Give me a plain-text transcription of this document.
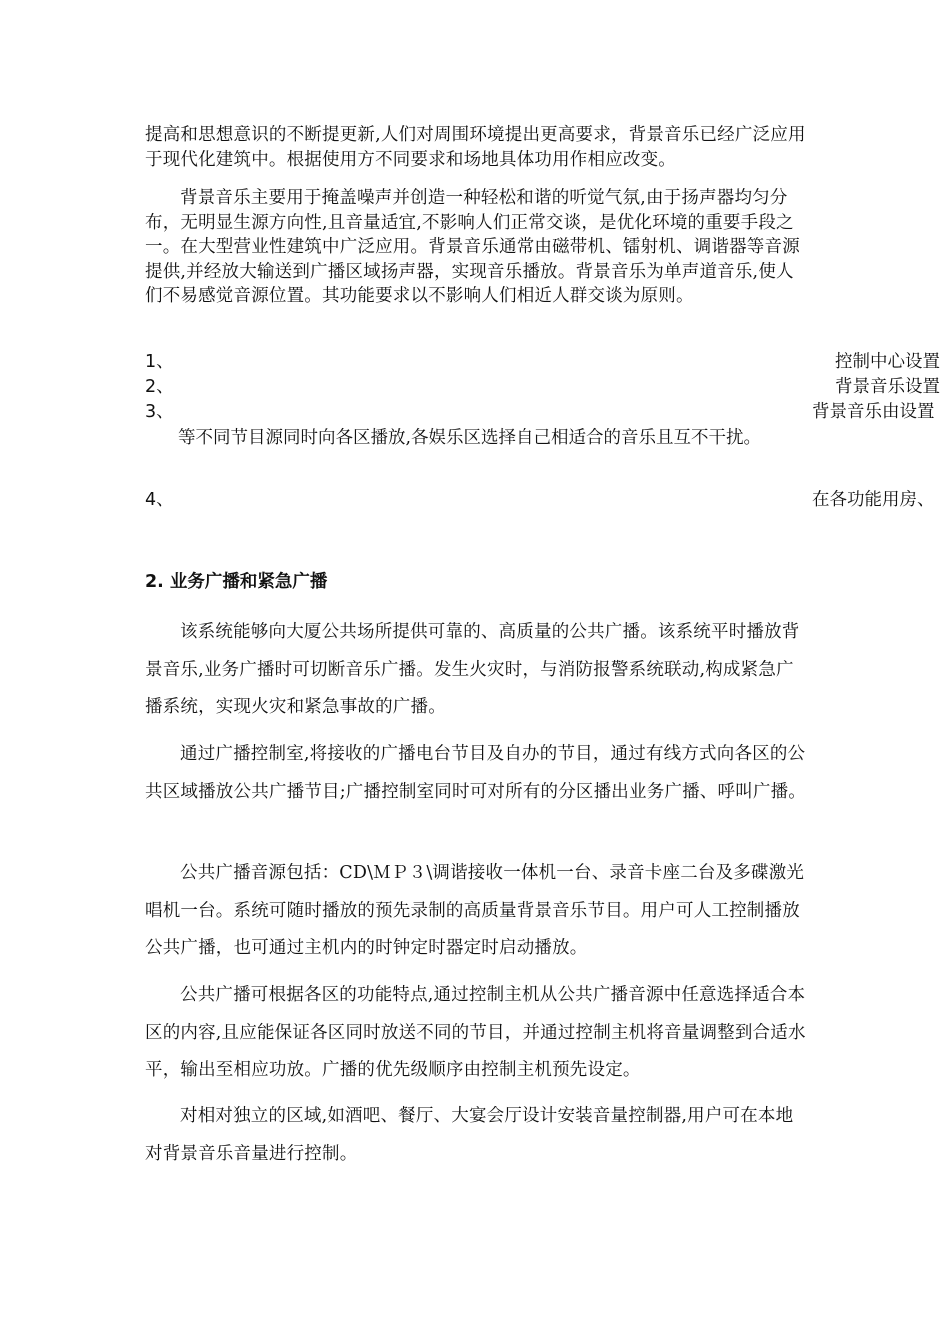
提高和思想意识的不断提更新,人们对周围环境提出更高要求，背景音乐已经广泛应用于现代化建筑中。根据使用方不同要求和场地具体功用作相应改变。

背景音乐主要用于掩盖噪声并创造一种轻松和谐的听觉气氛,由于扬声器均匀分布，无明显生源方向性,且音量适宜,不影响人们正常交谈，是优化环境的重要手段之一。在大型营业性建筑中广泛应用。背景音乐通常由磁带机、镭射机、调谐器等音源提供,并经放大输送到广播区域扬声器，实现音乐播放。背景音乐为单声道音乐,使人们不易感觉音源位置。其功能要求以不影响人们相近人群交谈为原则。

1、	控制中心设置

2、	背景音乐设置

3、	背景音乐由设置

等不同节目源同时向各区播放,各娱乐区选择自己相适合的音乐且互不干扰。

4、	在各功能用房、

2. 业务广播和紧急广播

该系统能够向大厦公共场所提供可靠的、高质量的公共广播。该系统平时播放背景音乐,业务广播时可切断音乐广播。发生火灾时，与消防报警系统联动,构成紧急广播系统，实现火灾和紧急事故的广播。

通过广播控制室,将接收的广播电台节目及自办的节目，通过有线方式向各区的公共区域播放公共广播节目;广播控制室同时可对所有的分区播出业务广播、呼叫广播。

公共广播音源包括：CD\ＭＰ３\调谐接收一体机一台、录音卡座二台及多碟激光唱机一台。系统可随时播放的预先录制的高质量背景音乐节目。用户可人工控制播放公共广播，也可通过主机内的时钟定时器定时启动播放。

公共广播可根据各区的功能特点,通过控制主机从公共广播音源中任意选择适合本区的内容,且应能保证各区同时放送不同的节目，并通过控制主机将音量调整到合适水平，输出至相应功放。广播的优先级顺序由控制主机预先设定。

对相对独立的区域,如酒吧、餐厅、大宴会厅设计安装音量控制器,用户可在本地对背景音乐音量进行控制。
